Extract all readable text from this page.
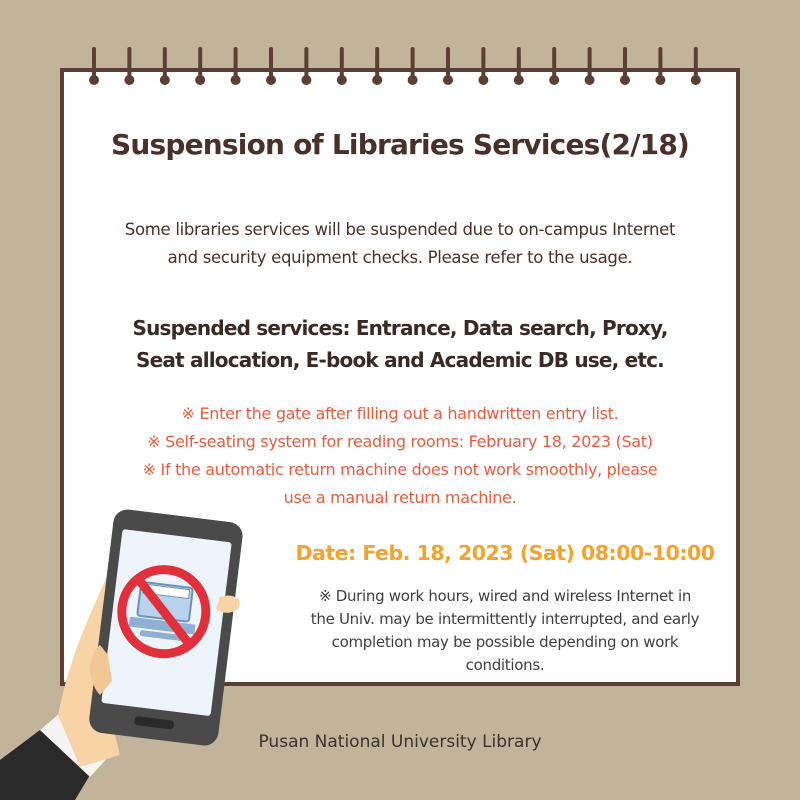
Suspension of Libraries Services(2/18)
Some libraries services will be suspended due to on-campus Internet
and security equipment checks. Please refer to the usage.
Suspended services: Entrance, Data search, Proxy,
Seat allocation, E-book and Academic DB use, etc.
※ Enter the gate after filling out a handwritten entry list.
※ Self-seating system for reading rooms: February 18, 2023 (Sat)
※ If the automatic return machine does not work smoothly, please
use a manual return machine.
Date: Feb. 18, 2023 (Sat) 08:00-10:00
※ During work hours, wired and wireless Internet in
the Univ. may be intermittently interrupted, and early
completion may be possible depending on work
conditions.
Pusan National University Library
